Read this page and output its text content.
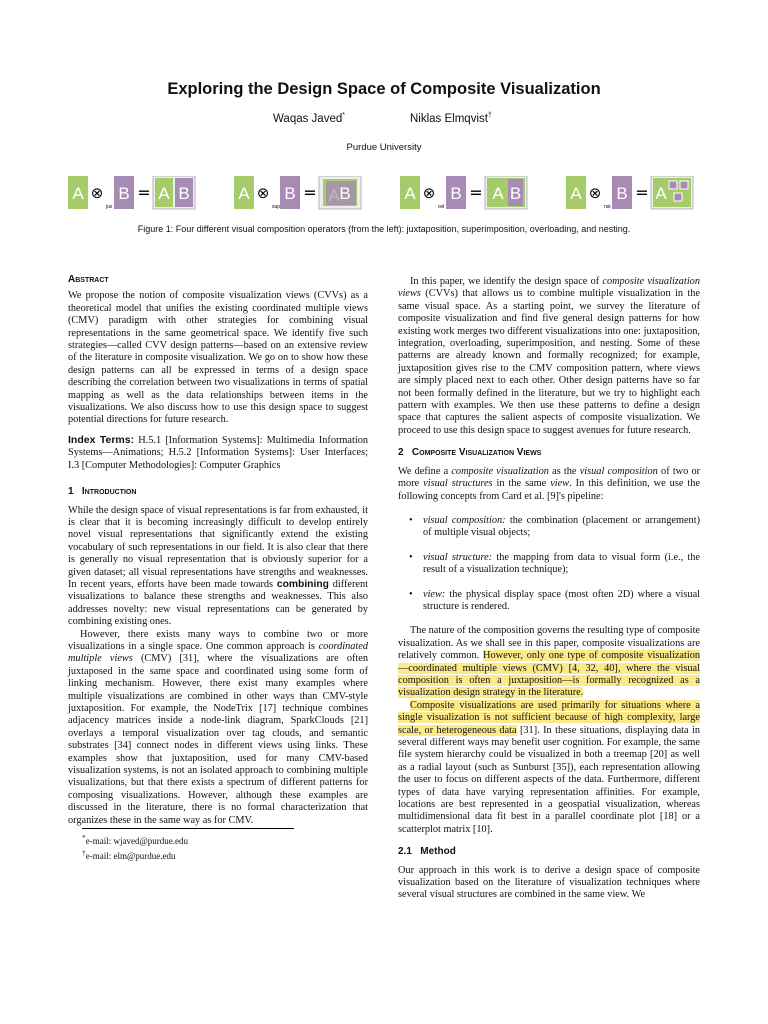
Exploring the Design Space of Composite Visualization
Waqas Javed*	Niklas Elmqvist†
Purdue University
A ⊗
jux
B = A B	A ⊗
sup
B = A B	A ⊗
ovl
B = A B	A ⊗
nst
B = A
Figure 1: Four different visual composition operators (from the left): juxtaposition, superimposition, overloading, and nesting.

Abstract

We propose the notion of composite visualization views (CVVs) as a theoretical model that unifies the existing coordinated multiple views (CMV) paradigm with other strategies for combining visual representations in the same geometrical space. We identify five such strategies—called CVV design patterns—based on an extensive review of the literature in composite visualization. We go on to show how these design patterns can all be expressed in terms of a design space describing the correlation between two visualizations in terms of spatial mapping as well as the data relationships between items in the visualizations. We also discuss how to use this design space to suggest potential directions for future research.

Index Terms: H.5.1 [Information Systems]: Multimedia Information Systems—Animations; H.5.2 [Information Systems]: User Interfaces; I.3 [Computer Methodologies]: Computer Graphics

1 Introduction

While the design space of visual representations is far from exhausted, it is clear that it is becoming increasingly difficult to develop entirely novel visual representations that significantly extend the existing vocabulary of such representations in our field. It is also clear that there is generally no visual representation that is obviously superior for a given dataset; all visual representations have strengths and weaknesses. In recent years, efforts have been made towards combining different visualizations to balance these strengths and weaknesses. This also addresses novelty: new visual representations can be generated by combining existing ones.

However, there exists many ways to combine two or more visualizations in a single space. One common approach is coordinated multiple views (CMV) [31], where the visualizations are often juxtaposed in the same space and coordinated using some form of linking mechanism. However, there exist many examples where multiple visualizations are combined in other ways than CMV-style juxtaposition. For example, the NodeTrix [17] technique combines adjacency matrices inside a node-link diagram, SparkClouds [21] overlays a temporal visualization over tag clouds, and semantic substrates [34] connect nodes in different views using links. These examples show that juxtaposition, used for many CMV-based visualization systems, is not an isolated approach to combining multiple visualizations, but that there exists a spectrum of different patterns for composing visualizations. However, although these examples are discussed in the literature, there is no formal characterization that organizes these in the same way as for CMV.

*e-mail: wjaved@purdue.edu
†e-mail: elm@purdue.edu

In this paper, we identify the design space of composite visualization views (CVVs) that allows us to combine multiple visualization in the same visual space. As a starting point, we survey the literature of composite visualization and find five general design patterns for how existing work merges two different visualizations into one: juxtaposition, integration, overloading, superimposition, and nesting. Some of these patterns are already known and formally recognized; for example, juxtaposition gives rise to the CMV composition pattern, where views are simply placed next to each other. Other design patterns have so far not been formally defined in the literature, but we try to highlight each pattern with examples. We then use these patterns to define a design space that captures the salient aspects of composite visualization. We proceed to use this design space to suggest avenues for future research.

2 Composite Visualization Views

We define a composite visualization as the visual composition of two or more visual structures in the same view. In this definition, we use the following concepts from Card et al. [9]'s pipeline:

• visual composition: the combination (placement or arrangement) of multiple visual objects;
• visual structure: the mapping from data to visual form (i.e., the result of a visualization technique);
• view: the physical display space (most often 2D) where a visual structure is rendered.

The nature of the composition governs the resulting type of composite visualization. As we shall see in this paper, composite visualizations are relatively common. However, only one type of composite visualization—coordinated multiple views (CMV) [4, 32, 40], where the visual composition is often a juxtaposition—is formally recognized as a visualization design strategy in the literature.

Composite visualizations are used primarily for situations where a single visualization is not sufficient because of high complexity, large scale, or heterogeneous data [31]. In these situations, displaying data in several different ways may benefit user cognition. For example, the same file system hierarchy could be visualized in both a treemap [20] as well as a radial layout (such as Sunburst [35]), each representation allowing the user to focus on different aspects of the data. Furthermore, different types of data have varying representation affinities. For example, locations are best represented in a geospatial visualization, whereas multidimensional data fit best in a parallel coordinate plot [18] or a scatterplot matrix [10].

2.1 Method

Our approach in this work is to derive a design space of composite visualization based on the literature of visualization techniques where several visual structures are combined in the same view. We
